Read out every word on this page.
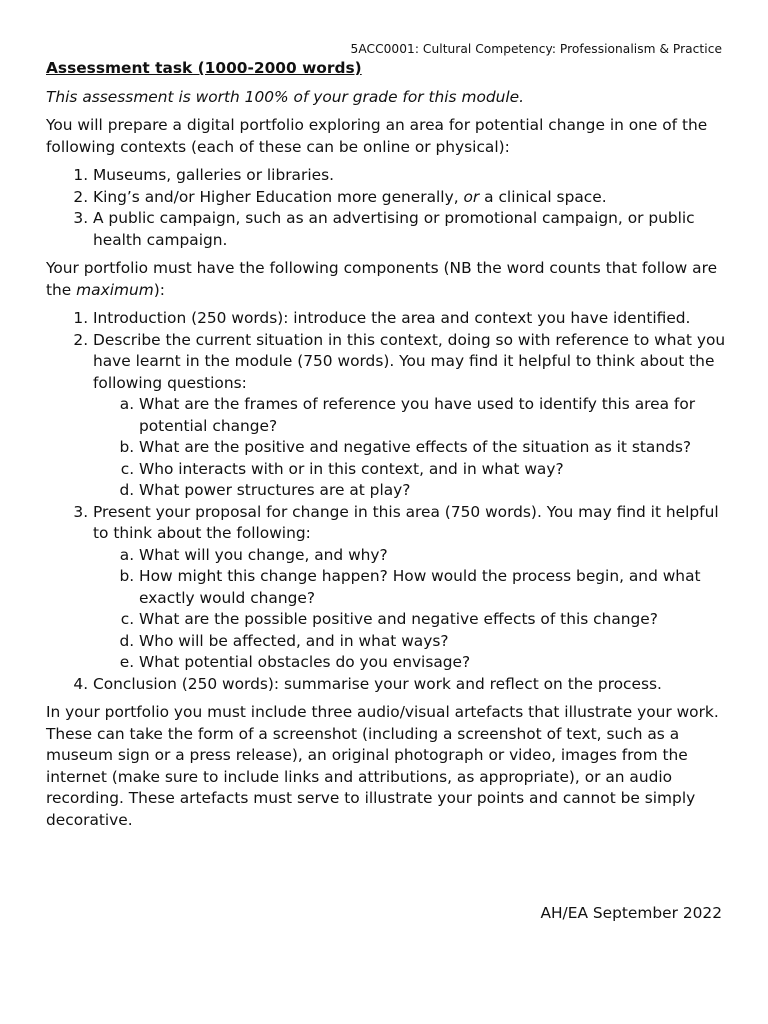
5ACC0001: Cultural Competency: Professionalism & Practice
Assessment task (1000-2000 words)
This assessment is worth 100% of your grade for this module.

You will prepare a digital portfolio exploring an area for potential change in one of the following contexts (each of these can be online or physical):

1. Museums, galleries or libraries.
2. King’s and/or Higher Education more generally, or a clinical space.
3. A public campaign, such as an advertising or promotional campaign, or public health campaign.

Your portfolio must have the following components (NB the word counts that follow are the maximum):

1. Introduction (250 words): introduce the area and context you have identified.
2. Describe the current situation in this context, doing so with reference to what you have learnt in the module (750 words). You may find it helpful to think about the following questions:
a. What are the frames of reference you have used to identify this area for potential change?
b. What are the positive and negative effects of the situation as it stands?
c. Who interacts with or in this context, and in what way?
d. What power structures are at play?
3. Present your proposal for change in this area (750 words). You may find it helpful to think about the following:
a. What will you change, and why?
b. How might this change happen? How would the process begin, and what exactly would change?
c. What are the possible positive and negative effects of this change?
d. Who will be affected, and in what ways?
e. What potential obstacles do you envisage?
4. Conclusion (250 words): summarise your work and reflect on the process.

In your portfolio you must include three audio/visual artefacts that illustrate your work. These can take the form of a screenshot (including a screenshot of text, such as a museum sign or a press release), an original photograph or video, images from the internet (make sure to include links and attributions, as appropriate), or an audio recording. These artefacts must serve to illustrate your points and cannot be simply decorative.

AH/EA September 2022
